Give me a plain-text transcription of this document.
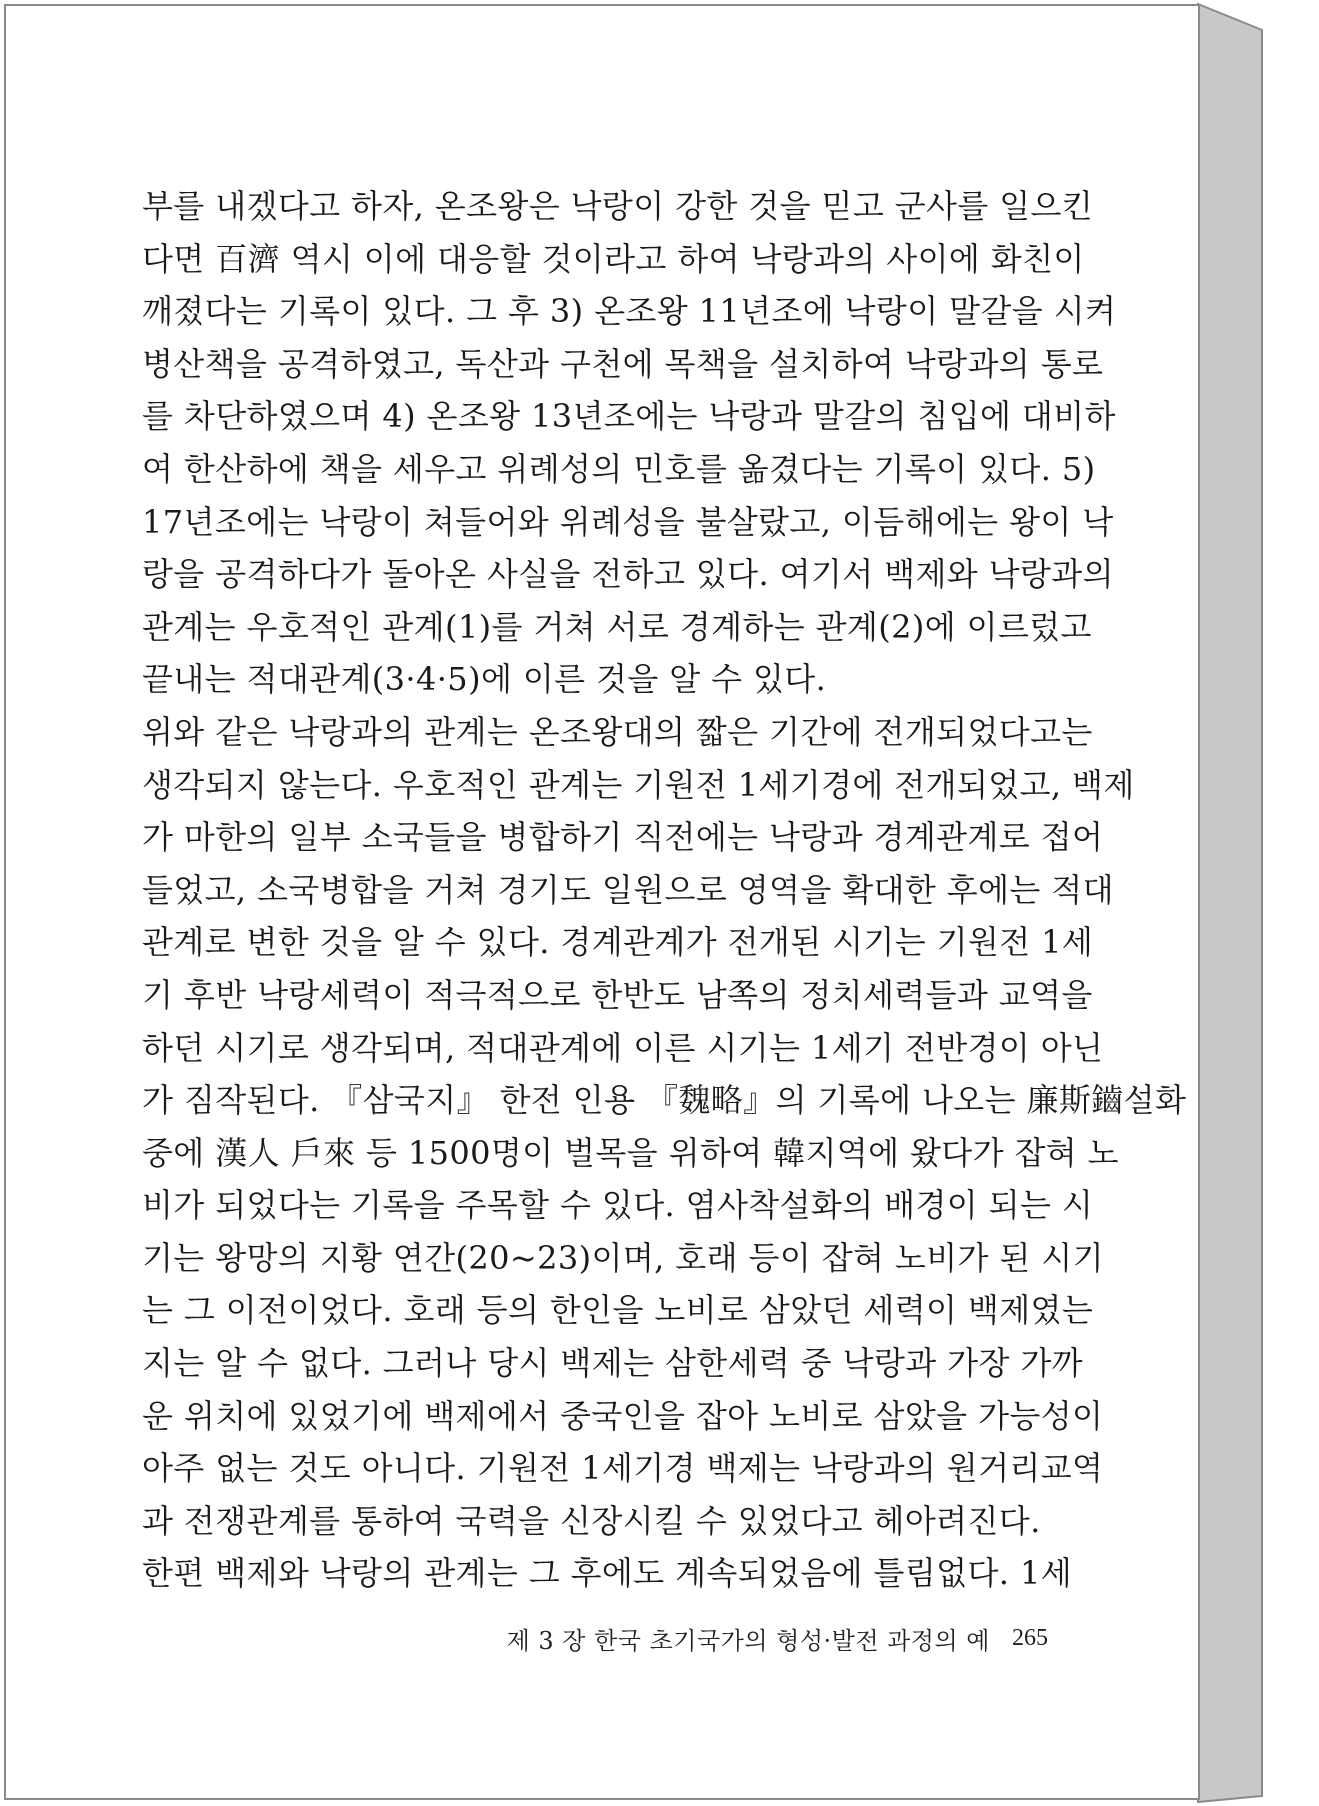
부를 내겠다고 하자, 온조왕은 낙랑이 강한 것을 믿고 군사를 일으킨
다면 百濟 역시 이에 대응할 것이라고 하여 낙랑과의 사이에 화친이
깨졌다는 기록이 있다. 그 후 3) 온조왕 11년조에 낙랑이 말갈을 시켜
병산책을 공격하였고, 독산과 구천에 목책을 설치하여 낙랑과의 통로
를 차단하였으며 4) 온조왕 13년조에는 낙랑과 말갈의 침입에 대비하
여 한산하에 책을 세우고 위례성의 민호를 옮겼다는 기록이 있다. 5)
17년조에는 낙랑이 쳐들어와 위례성을 불살랐고, 이듬해에는 왕이 낙
랑을 공격하다가 돌아온 사실을 전하고 있다. 여기서 백제와 낙랑과의
관계는 우호적인 관계(1)를 거쳐 서로 경계하는 관계(2)에 이르렀고
끝내는 적대관계(3·4·5)에 이른 것을 알 수 있다.
위와 같은 낙랑과의 관계는 온조왕대의 짧은 기간에 전개되었다고는
생각되지 않는다. 우호적인 관계는 기원전 1세기경에 전개되었고, 백제
가 마한의 일부 소국들을 병합하기 직전에는 낙랑과 경계관계로 접어
들었고, 소국병합을 거쳐 경기도 일원으로 영역을 확대한 후에는 적대
관계로 변한 것을 알 수 있다. 경계관계가 전개된 시기는 기원전 1세
기 후반 낙랑세력이 적극적으로 한반도 남쪽의 정치세력들과 교역을
하던 시기로 생각되며, 적대관계에 이른 시기는 1세기 전반경이 아닌
가 짐작된다. 『삼국지』 한전 인용 『魏略』의 기록에 나오는 廉斯鑡설화
중에 漢人 戶來 등 1500명이 벌목을 위하여 韓지역에 왔다가 잡혀 노
비가 되었다는 기록을 주목할 수 있다. 염사착설화의 배경이 되는 시
기는 왕망의 지황 연간(20~23)이며, 호래 등이 잡혀 노비가 된 시기
는 그 이전이었다. 호래 등의 한인을 노비로 삼았던 세력이 백제였는
지는 알 수 없다. 그러나 당시 백제는 삼한세력 중 낙랑과 가장 가까
운 위치에 있었기에 백제에서 중국인을 잡아 노비로 삼았을 가능성이
아주 없는 것도 아니다. 기원전 1세기경 백제는 낙랑과의 원거리교역
과 전쟁관계를 통하여 국력을 신장시킬 수 있었다고 헤아려진다.
한편 백제와 낙랑의 관계는 그 후에도 계속되었음에 틀림없다. 1세
제 3 장 한국 초기국가의 형성·발전 과정의 예 265
